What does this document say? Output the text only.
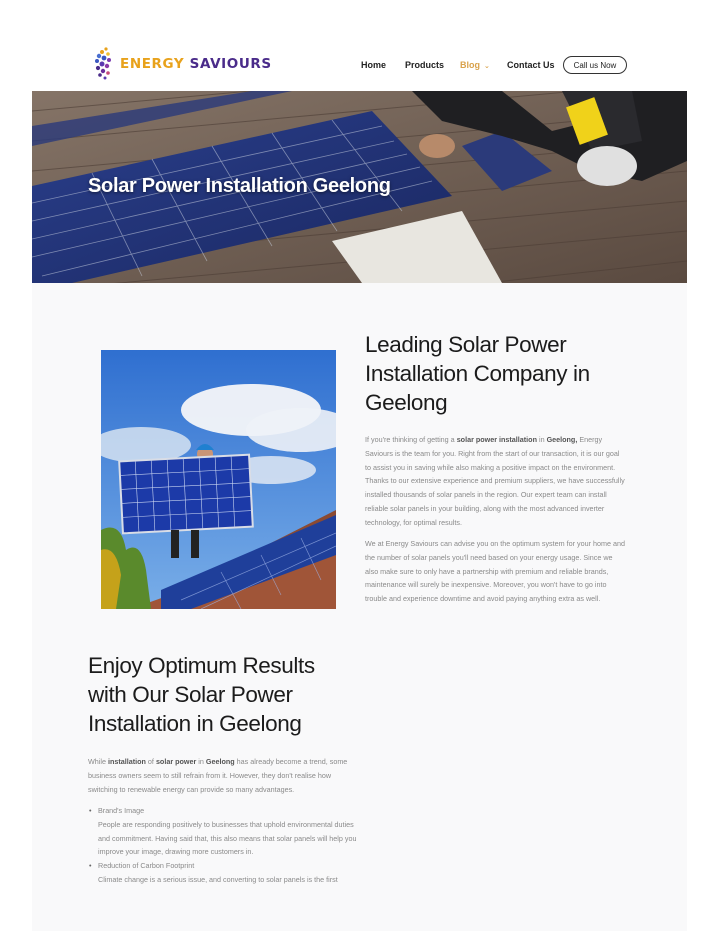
ENERGY SAVIOURS	Home Products Blog ⌄ Contact Us	Call us Now
Solar Power Installation Geelong
Leading Solar Power Installation Company in Geelong

If you're thinking of getting a solar power installation in Geelong, Energy Saviours is the team for you. Right from the start of our transaction, it is our goal to assist you in saving while also making a positive impact on the environment. Thanks to our extensive experience and premium suppliers, we have successfully installed thousands of solar panels in the region. Our expert team can install reliable solar panels in your building, along with the most advanced inverter technology, for optimal results.

We at Energy Saviours can advise you on the optimum system for your home and the number of solar panels you'll need based on your energy usage. Since we also make sure to only have a partnership with premium and reliable brands, maintenance will surely be inexpensive. Moreover, you won't have to go into trouble and experience downtime and avoid paying anything extra as well.

Enjoy Optimum Results with Our Solar Power Installation in Geelong

While installation of solar power in Geelong has already become a trend, some business owners seem to still refrain from it. However, they don't realise how switching to renewable energy can provide so many advantages.

• Brand's Image
People are responding positively to businesses that uphold environmental duties and commitment. Having said that, this also means that solar panels will help you improve your image, drawing more customers in.
• Reduction of Carbon Footprint
Climate change is a serious issue, and converting to solar panels is the first
